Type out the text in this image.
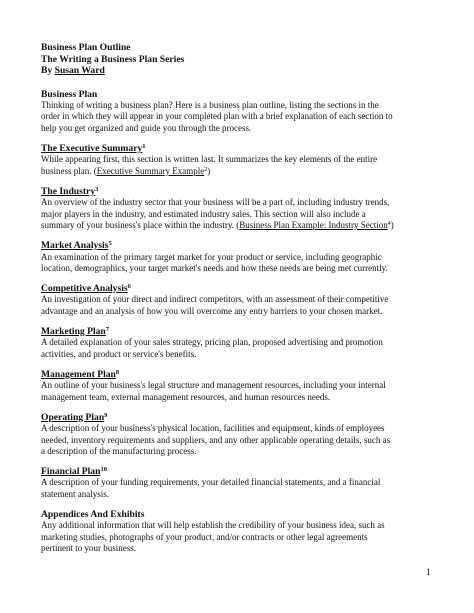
Business Plan Outline

The Writing a Business Plan Series

By Susan Ward

Business Plan

Thinking of writing a business plan? Here is a business plan outline, listing the sections in the
order in which they will appear in your completed plan with a brief explanation of each section to
help you get organized and guide you through the process.

The Executive Summary$^1$

While appearing first, this section is written last. It summarizes the key elements of the entire
business plan. (Executive Summary Example$^2$)

The Industry$^3$

An overview of the industry sector that your business will be a part of, including industry trends,
major players in the industry, and estimated industry sales. This section will also include a
summary of your business's place within the industry. (Business Plan Example: Industry Section$^4$)

Market Analysis$^5$

An examination of the primary target market for your product or service, including geographic
location, demographics, your target market's needs and how these needs are being met currently.

Competitive Analysis$^6$

An investigation of your direct and indirect competitors, with an assessment of their competitive
advantage and an analysis of how you will overcome any entry barriers to your chosen market.

Marketing Plan$^7$

A detailed explanation of your sales strategy, pricing plan, proposed advertising and promotion
activities, and product or service's benefits.

Management Plan$^8$

An outline of your business's legal structure and management resources, including your internal
management team, external management resources, and human resources needs.

Operating Plan$^9$

A description of your business's physical location, facilities and equipment, kinds of employees
needed, inventory requirements and suppliers, and any other applicable operating details, such as
a description of the manufacturing process.

Financial Plan$^{10}$

A description of your funding requirements, your detailed financial statements, and a financial
statement analysis.

Appendices And Exhibits

Any additional information that will help establish the credibility of your business idea, such as
marketing studies, photographs of your product, and/or contracts or other legal agreements
pertinent to your business.

1
